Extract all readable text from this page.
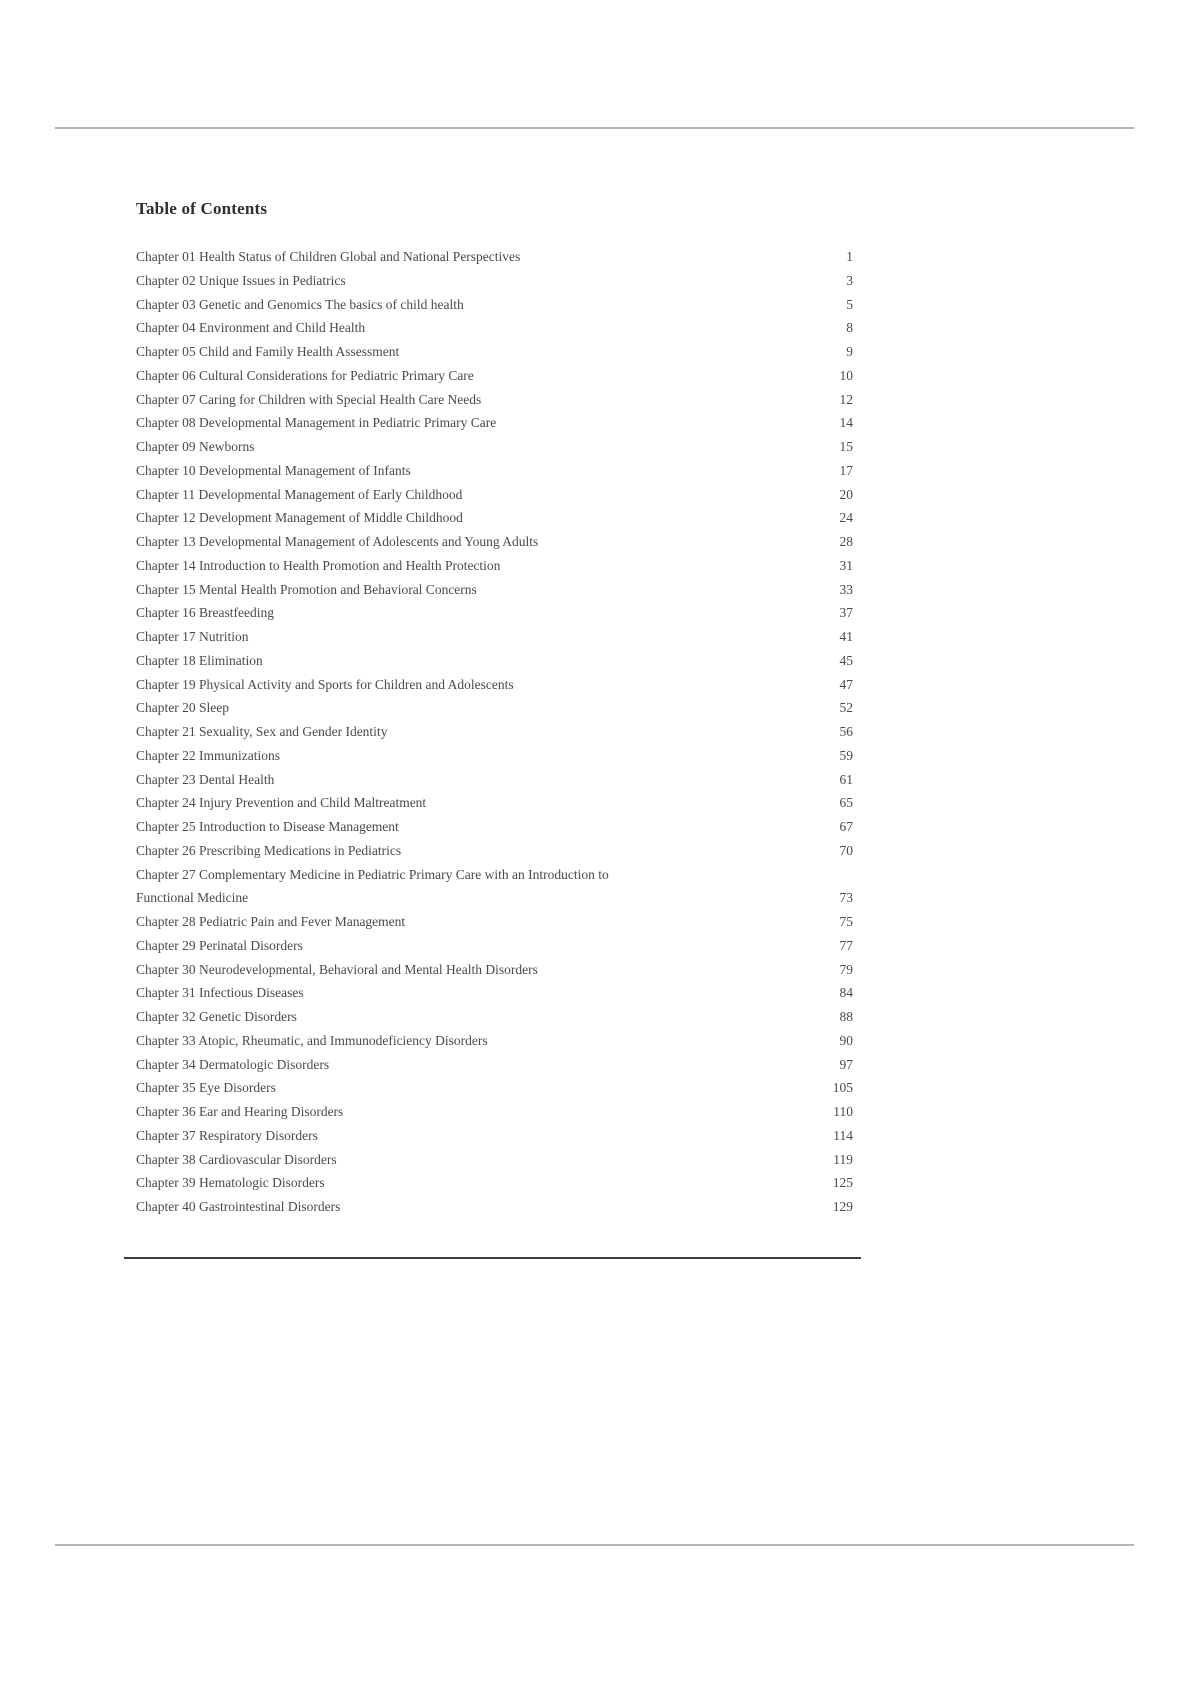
Table of Contents
Chapter 01 Health Status of Children Global and National Perspectives	1
Chapter 02 Unique Issues in Pediatrics	3
Chapter 03 Genetic and Genomics The basics of child health	5
Chapter 04 Environment and Child Health	8
Chapter 05 Child and Family Health Assessment	9
Chapter 06 Cultural Considerations for Pediatric Primary Care	10
Chapter 07 Caring for Children with Special Health Care Needs	12
Chapter 08 Developmental Management in Pediatric Primary Care	14
Chapter 09 Newborns	15
Chapter 10 Developmental Management of Infants	17
Chapter 11 Developmental Management of Early Childhood	20
Chapter 12 Development Management of Middle Childhood	24
Chapter 13 Developmental Management of Adolescents and Young Adults	28
Chapter 14 Introduction to Health Promotion and Health Protection	31
Chapter 15 Mental Health Promotion and Behavioral Concerns	33
Chapter 16 Breastfeeding	37
Chapter 17 Nutrition	41
Chapter 18 Elimination	45
Chapter 19 Physical Activity and Sports for Children and Adolescents	47
Chapter 20 Sleep	52
Chapter 21 Sexuality, Sex and Gender Identity	56
Chapter 22 Immunizations	59
Chapter 23 Dental Health	61
Chapter 24 Injury Prevention and Child Maltreatment	65
Chapter 25 Introduction to Disease Management	67
Chapter 26 Prescribing Medications in Pediatrics	70
Chapter 27 Complementary Medicine in Pediatric Primary Care with an Introduction to
Functional Medicine	73
Chapter 28 Pediatric Pain and Fever Management	75
Chapter 29 Perinatal Disorders	77
Chapter 30 Neurodevelopmental, Behavioral and Mental Health Disorders	79
Chapter 31 Infectious Diseases	84
Chapter 32 Genetic Disorders	88
Chapter 33 Atopic, Rheumatic, and Immunodeficiency Disorders	90
Chapter 34 Dermatologic Disorders	97
Chapter 35 Eye Disorders	105
Chapter 36 Ear and Hearing Disorders	110
Chapter 37 Respiratory Disorders	114
Chapter 38 Cardiovascular Disorders	119
Chapter 39 Hematologic Disorders	125
Chapter 40 Gastrointestinal Disorders	129
